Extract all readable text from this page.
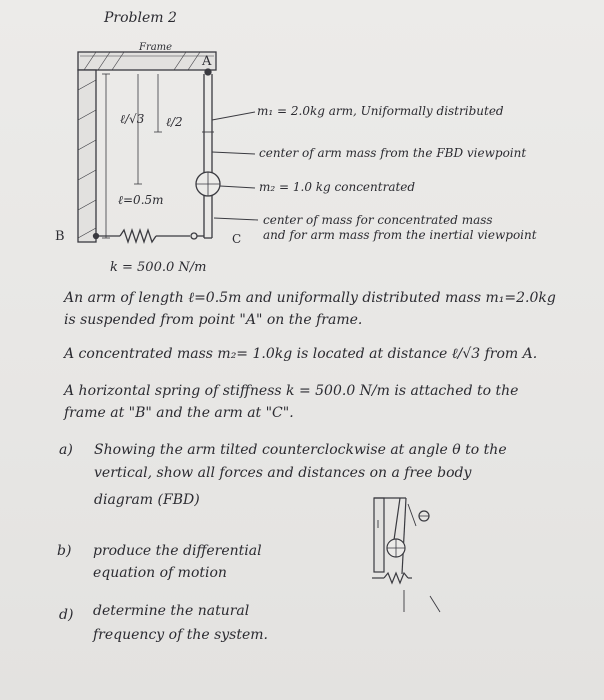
Problem 2
Frame
A
B	C
ℓ/√3 ℓ/2
ℓ=0.5m
k = 500.0 N/m
m₁ = 2.0kg arm, Uniformally distributed
center of arm mass from the FBD viewpoint
m₂ = 1.0 kg concentrated
center of mass for concentrated mass
and for arm mass from the inertial viewpoint
An arm of length ℓ=0.5m and uniformally distributed mass m₁=2.0kg
is suspended from point "A" on the frame.
A concentrated mass m₂= 1.0kg is located at distance ℓ/√3 from A.
A horizontal spring of stiffness k = 500.0 N/m is attached to the
frame at "B" and the arm at "C".
a) Showing the arm tilted counterclockwise at angle θ to the
vertical, show all forces and distances on a free body
diagram (FBD)
b) produce the differential
equation of motion
d) determine the natural
frequency of the system.
